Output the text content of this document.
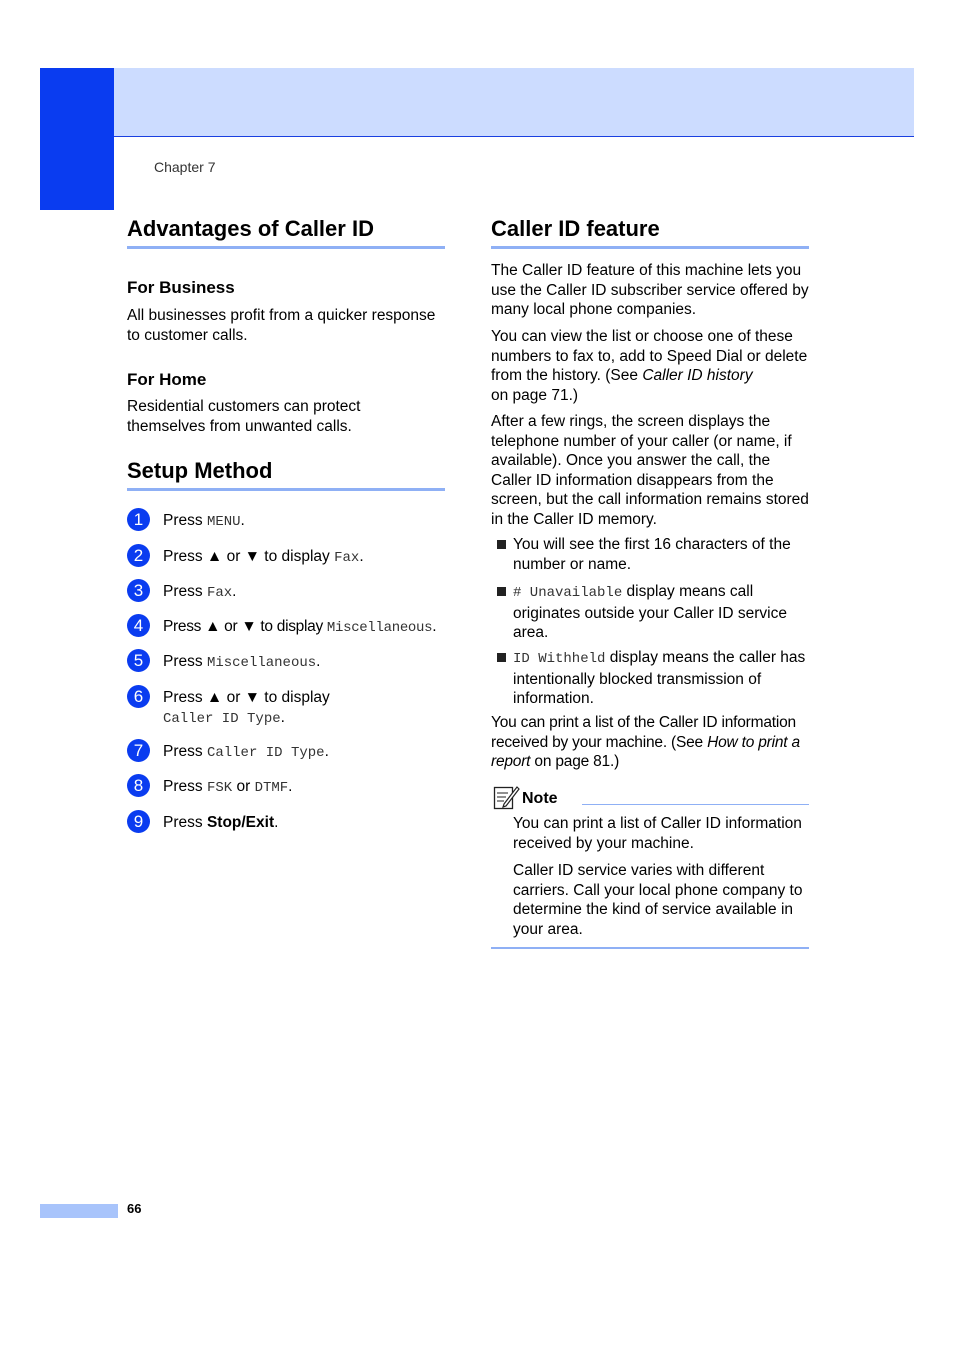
Chapter 7
Advantages of Caller ID
For Business

All businesses profit from a quicker response to customer calls.

For Home

Residential customers can protect themselves from unwanted calls.

Setup Method
1	Press MENU.
2	Press ▲ or ▼ to display Fax.
3	Press Fax.
4	Press ▲ or ▼ to display Miscellaneous.
5	Press Miscellaneous.
6	Press ▲ or ▼ to display
Caller ID Type.
7	Press Caller ID Type.
8	Press FSK or DTMF.
9	Press Stop/Exit.
Caller ID feature

The Caller ID feature of this machine lets you use the Caller ID subscriber service offered by many local phone companies.

You can view the list or choose one of these numbers to fax to, add to Speed Dial or delete from the history. (See Caller ID history
on page 71.)

After a few rings, the screen displays the telephone number of your caller (or name, if available). Once you answer the call, the Caller ID information disappears from the screen, but the call information remains stored in the Caller ID memory.

You will see the first 16 characters of the number or name.
# Unavailable display means call originates outside your Caller ID service area.
ID Withheld display means the caller has intentionally blocked transmission of information.

You can print a list of the Caller ID information received by your machine. (See How to print a report on page 81.)

Note

You can print a list of Caller ID information received by your machine.

Caller ID service varies with different carriers. Call your local phone company to determine the kind of service available in your area.

66
